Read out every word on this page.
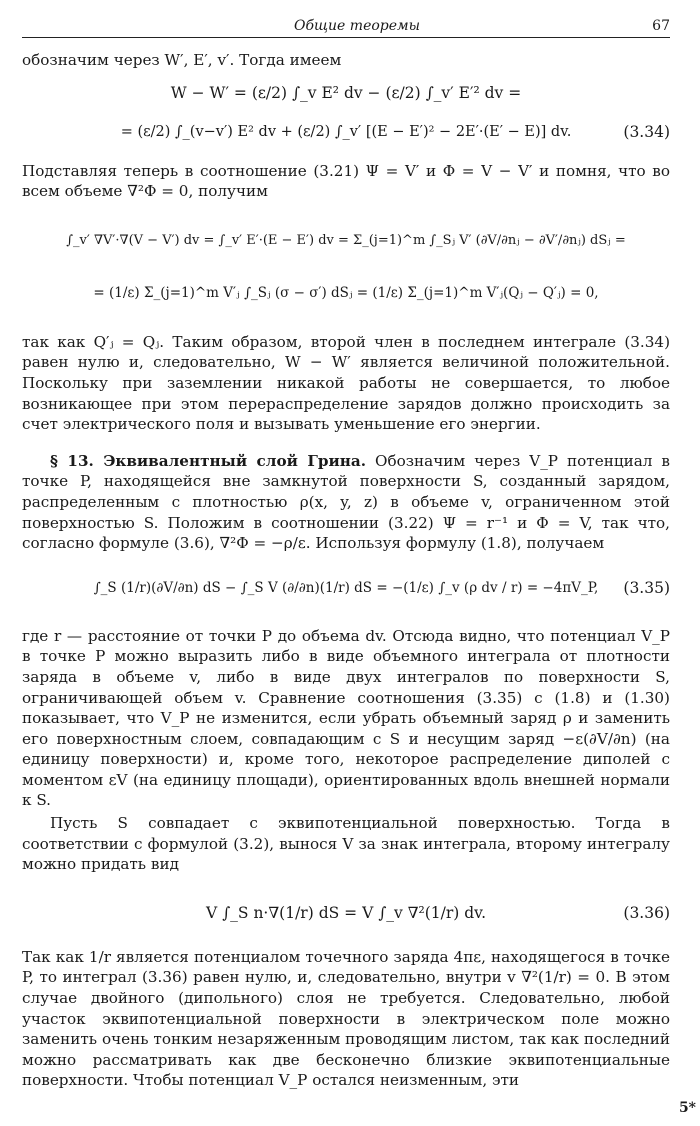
Общие теоремы	67

обозначим через W′, E′, v′. Тогда имеем

W − W′ = (ε/2) ∫_v E² dv − (ε/2) ∫_v′ E′² dv =
= (ε/2) ∫_(v−v′) E² dv + (ε/2) ∫_v′ [(E − E′)² − 2E′·(E′ − E)] dv.	(3.34)

Подставляя теперь в соотношение (3.21) Ψ = V′ и Φ = V − V′ и помня, что во всем объеме ∇²Φ = 0, получим

∫_v′ ∇V′·∇(V − V′) dv = ∫_v′ E′·(E − E′) dv = Σ_(j=1)^m ∫_Sⱼ V′ (∂V/∂nⱼ − ∂V′/∂nⱼ) dSⱼ =
= (1/ε) Σ_(j=1)^m V′ⱼ ∫_Sⱼ (σ − σ′) dSⱼ = (1/ε) Σ_(j=1)^m V′ⱼ(Qⱼ − Q′ⱼ) = 0,

так как Q′ⱼ = Qⱼ. Таким образом, второй член в последнем интеграле (3.34) равен нулю и, следовательно, W − W′ является величиной положительной. Поскольку при заземлении никакой работы не совершается, то любое возникающее при этом перераспределение зарядов должно происходить за счет электрического поля и вызывать уменьшение его энергии.

§ 13. Эквивалентный слой Грина. Обозначим через V_P потенциал в точке P, находящейся вне замкнутой поверхности S, созданный зарядом, распределенным с плотностью ρ(x, y, z) в объеме v, ограниченном этой поверхностью S. Положим в соотношении (3.22) Ψ = r⁻¹ и Φ = V, так что, согласно формуле (3.6), ∇²Φ = −ρ/ε. Используя формулу (1.8), получаем

∫_S (1/r)(∂V/∂n) dS − ∫_S V (∂/∂n)(1/r) dS = −(1/ε) ∫_v (ρ dv / r) = −4πV_P, (3.35)

где r — расстояние от точки P до объема dv. Отсюда видно, что потенциал V_P в точке P можно выразить либо в виде объемного интеграла от плотности заряда в объеме v, либо в виде двух интегралов по поверхности S, ограничивающей объем v. Сравнение соотношения (3.35) с (1.8) и (1.30) показывает, что V_P не изменится, если убрать объемный заряд ρ и заменить его поверхностным слоем, совпадающим с S и несущим заряд −ε(∂V/∂n) (на единицу поверхности) и, кроме того, некоторое распределение диполей с моментом εV (на единицу площади), ориентированных вдоль внешней нормали к S.

Пусть S совпадает с эквипотенциальной поверхностью. Тогда в соответствии с формулой (3.2), вынося V за знак интеграла, второму интегралу можно придать вид

V ∫_S n·∇(1/r) dS = V ∫_v ∇²(1/r) dv.	(3.36)

Так как 1/r является потенциалом точечного заряда 4πε, находящегося в точке P, то интеграл (3.36) равен нулю, и, следовательно, внутри v ∇²(1/r) = 0. В этом случае двойного (дипольного) слоя не требуется. Следовательно, любой участок эквипотенциальной поверхности в электрическом поле можно заменить очень тонким незаряженным проводящим листом, так как последний можно рассматривать как две бесконечно близкие эквипотенциальные поверхности. Чтобы потенциал V_P остался неизменным, эти

5*
